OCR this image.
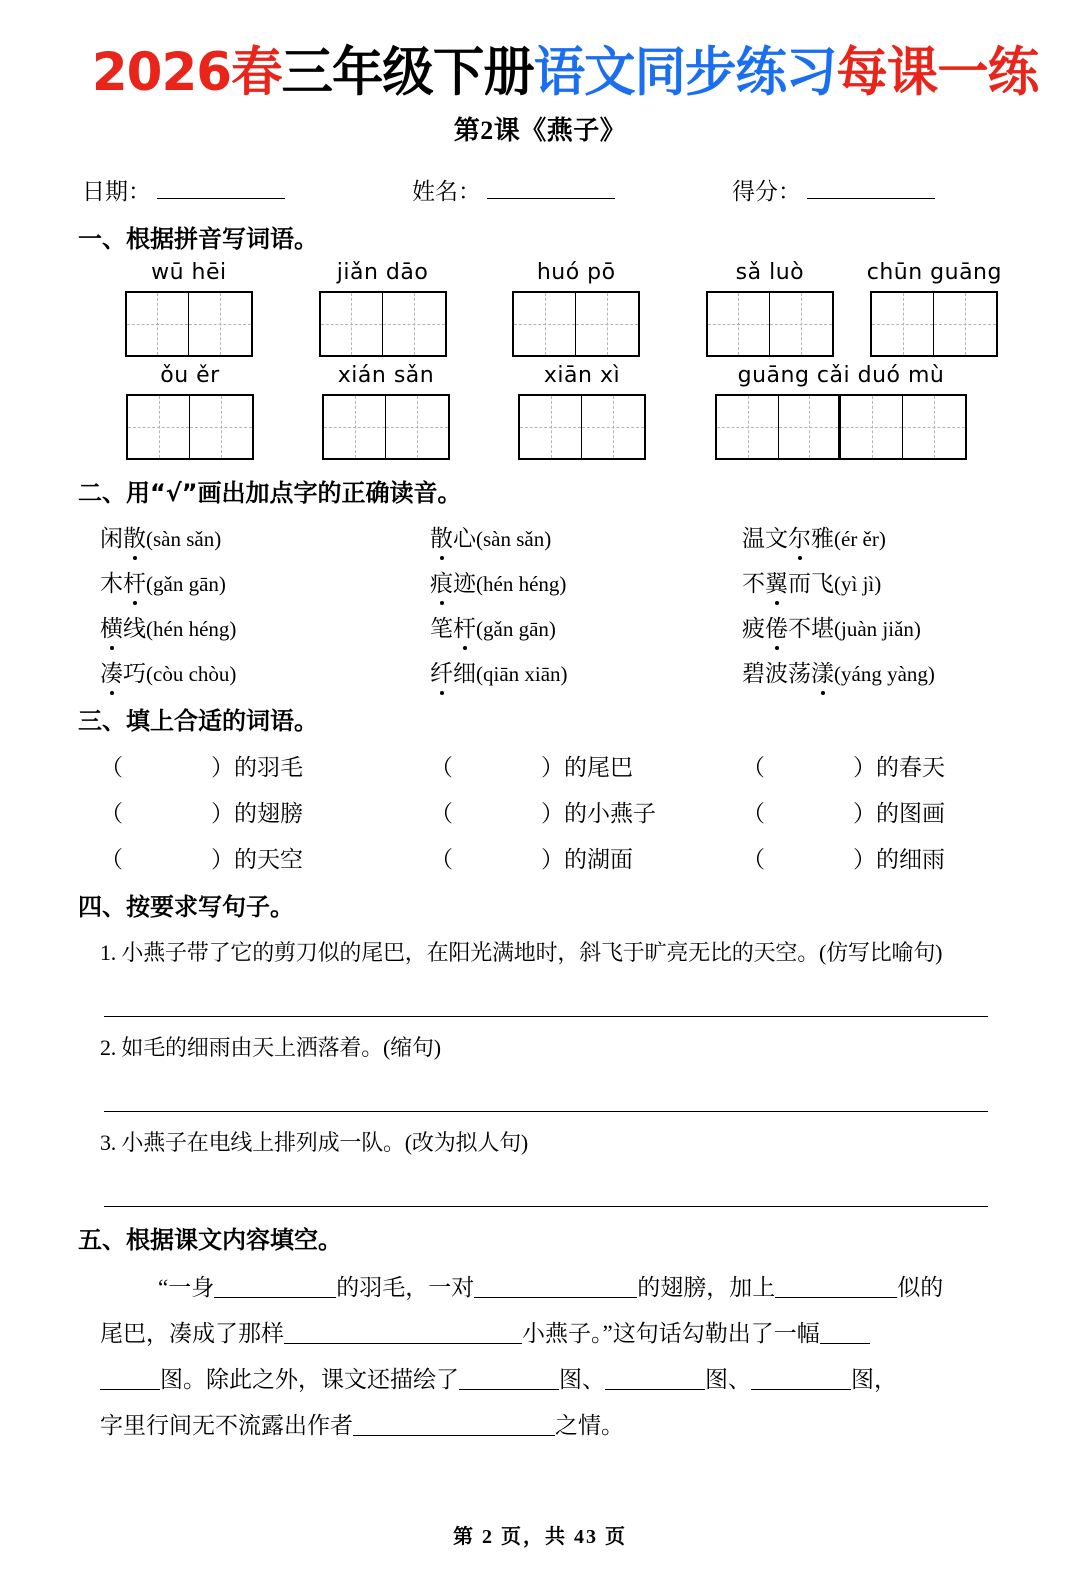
2026春三年级下册语文同步练习每课一练
第2课《燕子》
日期：	姓名：	得分：
一、根据拼音写词语。
wū hēi	jiǎn dāo	huó pō	sǎ luò	chūn guāng
ǒu ěr	xián sǎn	xiān xì	guāng cǎi duó mù
二、用“√”画出加点字的正确读音。
闲散(sàn sǎn)	散心(sàn sǎn)	温文尔雅(ér ěr)
木杆(gǎn gān)	痕迹(hén héng)	不翼而飞(yì jì)
横线(hén héng)	笔杆(gǎn gān)	疲倦不堪(juàn jiǎn)
凑巧(còu chòu)	纤细(qiān xiān)	碧波荡漾(yáng yàng)
三、填上合适的词语。
（	）的羽毛	（	）的尾巴	（	）的春天
（	）的翅膀	（	）的小燕子	（	）的图画
（	）的天空	（	）的湖面	（	）的细雨
四、按要求写句子。
1. 小燕子带了它的剪刀似的尾巴，在阳光满地时，斜飞于旷亮无比的天空。(仿写比喻句)
2. 如毛的细雨由天上洒落着。(缩句)
3. 小燕子在电线上排列成一队。(改为拟人句)
五、根据课文内容填空。
“一身	的羽毛，一对	的翅膀，加上	似的
尾巴，凑成了那样	小燕子。”这句话勾勒出了一幅
图。除此之外，课文还描绘了	图、	图、	图，
字里行间无不流露出作者	之情。
第 2 页，共 43 页
